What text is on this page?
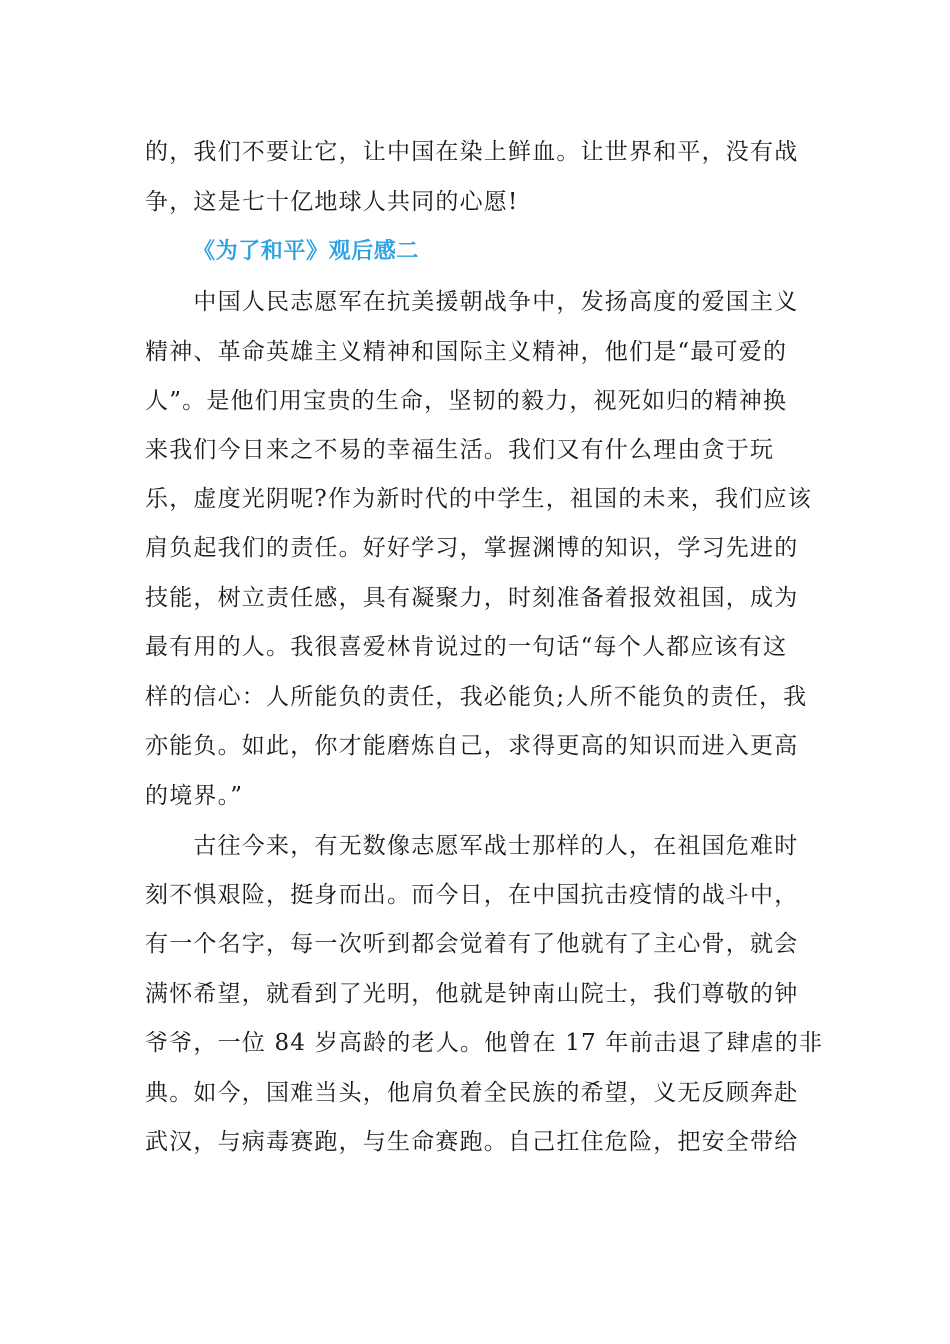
的，我们不要让它，让中国在染上鲜血。让世界和平，没有战
争，这是七十亿地球人共同的心愿!
《为了和平》观后感二
　　中国人民志愿军在抗美援朝战争中，发扬高度的爱国主义
精神、革命英雄主义精神和国际主义精神，他们是“最可爱的
人”。是他们用宝贵的生命，坚韧的毅力，视死如归的精神换
来我们今日来之不易的幸福生活。我们又有什么理由贪于玩
乐，虚度光阴呢?作为新时代的中学生，祖国的未来，我们应该
肩负起我们的责任。好好学习，掌握渊博的知识，学习先进的
技能，树立责任感，具有凝聚力，时刻准备着报效祖国，成为
最有用的人。我很喜爱林肯说过的一句话“每个人都应该有这
样的信心：人所能负的责任，我必能负;人所不能负的责任，我
亦能负。如此，你才能磨炼自己，求得更高的知识而进入更高
的境界。”
　　古往今来，有无数像志愿军战士那样的人，在祖国危难时
刻不惧艰险，挺身而出。而今日，在中国抗击疫情的战斗中，
有一个名字，每一次听到都会觉着有了他就有了主心骨，就会
满怀希望，就看到了光明，他就是钟南山院士，我们尊敬的钟
爷爷，一位 84 岁高龄的老人。他曾在 17 年前击退了肆虐的非
典。如今，国难当头，他肩负着全民族的希望，义无反顾奔赴
武汉，与病毒赛跑，与生命赛跑。自己扛住危险，把安全带给
